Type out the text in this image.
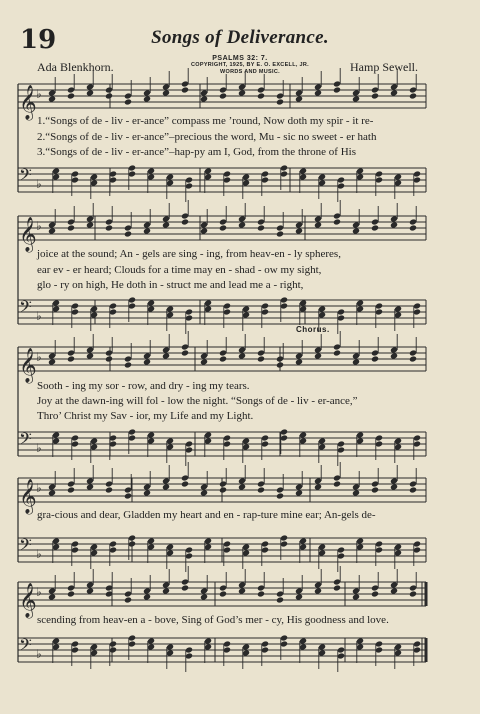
19	Songs of Deliverance.
PSALMS 32: 7.
COPYRIGHT, 1925, BY E. O. EXCELL, JR.
WORDS AND MUSIC.
Ada Blenkhorn.	Hamp Sewell.
𝄞 ♭
𝄢 ♭
𝄞 ♭
𝄢 ♭
𝄞 ♭
𝄢 ♭
𝄞 ♭
𝄢 ♭
𝄞 ♭
𝄢 ♭
1.“Songs of de - liv - er-ance” compass me ’round, Now doth my spir - it re-
2.“Songs of de - liv - er-ance”–precious the word, Mu - sic no sweet - er hath
3.“Songs of de - liv - er-ance”–hap-py am I, God, from the throne of His
joice at the sound; An - gels are sing - ing, from heav-en - ly spheres,
ear ev - er heard; Clouds for a time may en - shad - ow my sight,
glo - ry on high, He doth in - struct me and lead me a - right,
Chorus.
Sooth - ing my sor - row, and dry - ing my tears.
Joy at the dawn-ing will fol - low the night. “Songs of de - liv - er-ance,”
Thro’ Christ my Sav - ior, my Life and my Light.
gra-cious and dear, Gladden my heart and en - rap-ture mine ear; An-gels de-
scending from heav-en a - bove, Sing of God’s mer - cy, His goodness and love.
